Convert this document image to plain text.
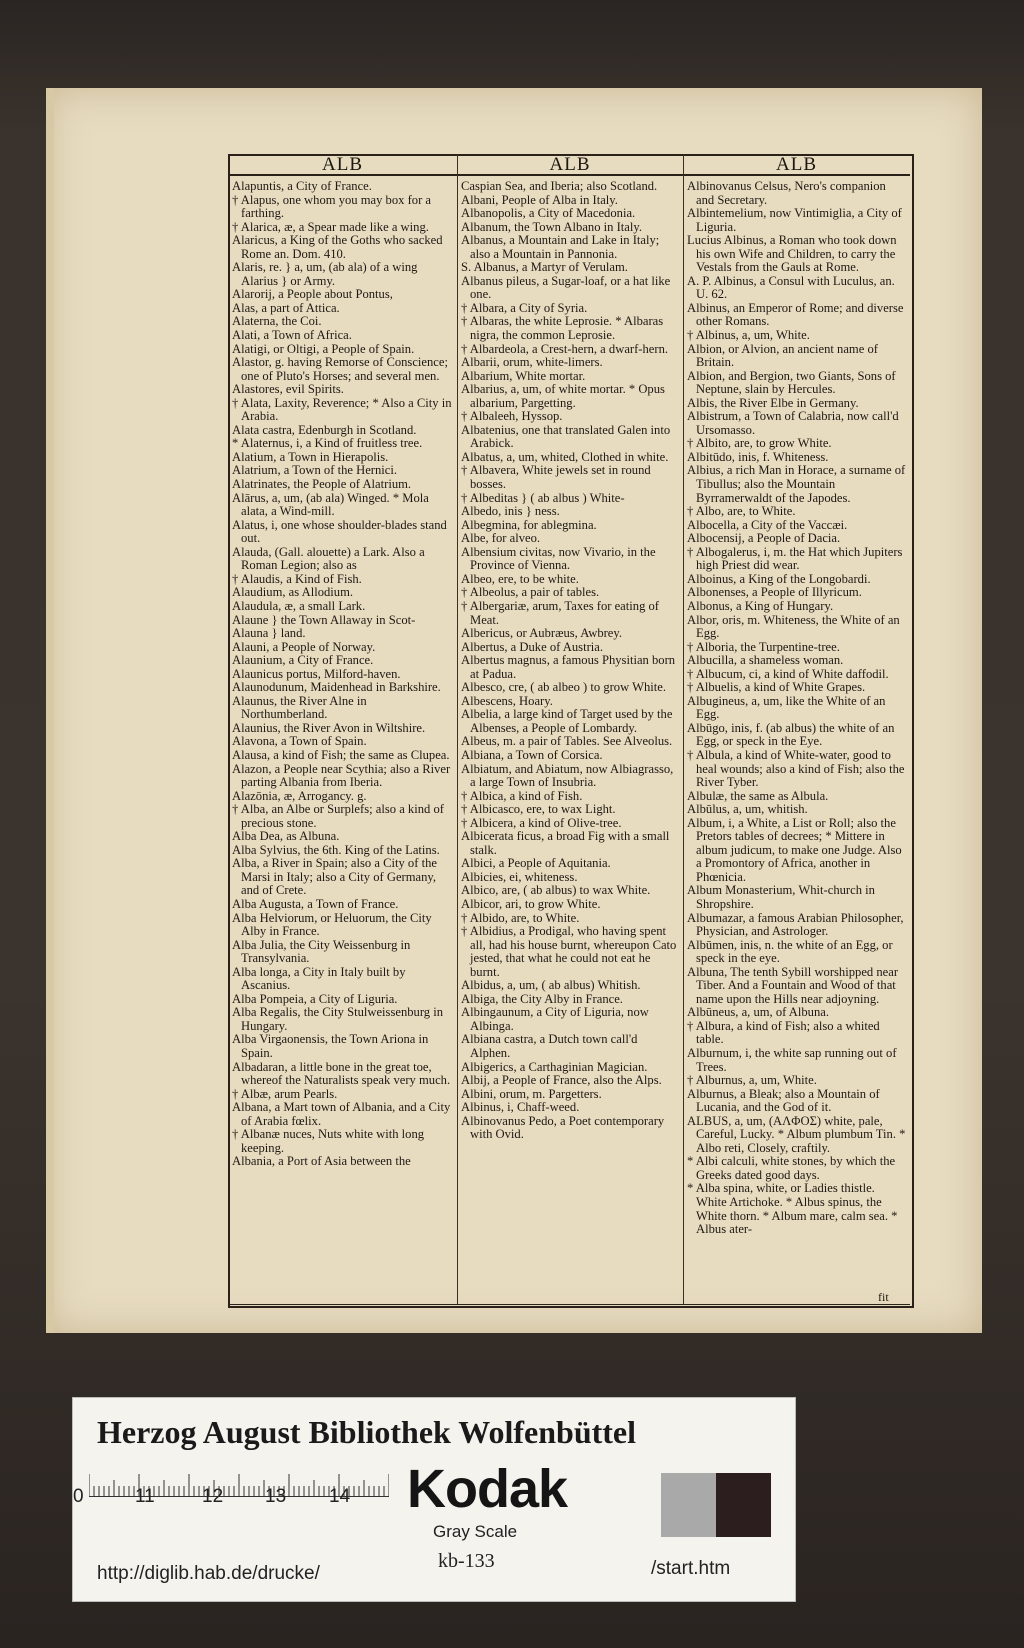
ALB	ALB	ALB

Alapuntis, a City of France.

† Alapus, one whom you may box for a farthing.

† Alarica, æ, a Spear made like a wing.

Alaricus, a King of the Goths who sacked Rome an. Dom. 410.

Alaris, re. } a, um, (ab ala) of a wing Alarius } or Army.

Alarorij, a People about Pontus,

Alas, a part of Attica.

Alaterna, the Coi.

Alati, a Town of Africa.

Alatigi, or Oltigi, a People of Spain.

Alastor, g. having Remorse of Conscience; one of Pluto's Horses; and several men.

Alastores, evil Spirits.

† Alata, Laxity, Reverence; * Also a City in Arabia.

Alata castra, Edenburgh in Scotland.

* Alaternus, i, a Kind of fruitless tree.

Alatium, a Town in Hierapolis.

Alatrium, a Town of the Hernici.

Alatrinates, the People of Alatrium.

Alārus, a, um, (ab ala) Winged. * Mola alata, a Wind-mill.

Alatus, i, one whose shoulder-blades stand out.

Alauda, (Gall. alouette) a Lark. Also a Roman Legion; also as

† Alaudis, a Kind of Fish.

Alaudium, as Allodium.

Alaudula, æ, a small Lark.

Alaune } the Town Allaway in Scot-

Alauna } land.

Alauni, a People of Norway.

Alaunium, a City of France.

Alaunicus portus, Milford-haven.

Alaunodunum, Maidenhead in Barkshire.

Alaunus, the River Alne in Northumberland.

Alaunius, the River Avon in Wiltshire.

Alavona, a Town of Spain.

Alausa, a kind of Fish; the same as Clupea.

Alazon, a People near Scythia; also a River parting Albania from Iberia.

Alazōnia, æ, Arrogancy. g.

† Alba, an Albe or Surplefs; also a kind of precious stone.

Alba Dea, as Albuna.

Alba Sylvius, the 6th. King of the Latins.

Alba, a River in Spain; also a City of the Marsi in Italy; also a City of Germany, and of Crete.

Alba Augusta, a Town of France.

Alba Helviorum, or Heluorum, the City Alby in France.

Alba Julia, the City Weissenburg in Transylvania.

Alba longa, a City in Italy built by Ascanius.

Alba Pompeia, a City of Liguria.

Alba Regalis, the City Stulweissenburg in Hungary.

Alba Virgaonensis, the Town Ariona in Spain.

Albadaran, a little bone in the great toe, whereof the Naturalists speak very much.

† Albæ, arum Pearls.

Albana, a Mart town of Albania, and a City of Arabia fœlix.

† Albanæ nuces, Nuts white with long keeping.

Albania, a Port of Asia between the

Caspian Sea, and Iberia; also Scotland.

Albani, People of Alba in Italy.

Albanopolis, a City of Macedonia.

Albanum, the Town Albano in Italy.

Albanus, a Mountain and Lake in Italy; also a Mountain in Pannonia.

S. Albanus, a Martyr of Verulam.

Albanus pileus, a Sugar-loaf, or a hat like one.

† Albara, a City of Syria.

† Albaras, the white Leprosie. * Albaras nigra, the common Leprosie.

† Albardeola, a Crest-hern, a dwarf-hern.

Albarii, orum, white-limers.

Albarium, White mortar.

Albarius, a, um, of white mortar. * Opus albarium, Pargetting.

† Albaleeh, Hyssop.

Albatenius, one that translated Galen into Arabick.

Albatus, a, um, whited, Clothed in white.

† Albavera, White jewels set in round bosses.

† Albeditas } ( ab albus ) White-

Albedo, inis } ness.

Albegmina, for ablegmina.

Albe, for alveo.

Albensium civitas, now Vivario, in the Province of Vienna.

Albeo, ere, to be white.

† Albeolus, a pair of tables.

† Albergariæ, arum, Taxes for eating of Meat.

Albericus, or Aubræus, Awbrey.

Albertus, a Duke of Austria.

Albertus magnus, a famous Physitian born at Padua.

Albesco, cre, ( ab albeo ) to grow White.

Albescens, Hoary.

Albelia, a large kind of Target used by the Albenses, a People of Lombardy.

Albeus, m. a pair of Tables. See Alveolus.

Albiana, a Town of Corsica.

Albiatum, and Abiatum, now Albiagrasso, a large Town of Insubria.

† Albica, a kind of Fish.

† Albicasco, ere, to wax Light.

† Albicera, a kind of Olive-tree.

Albicerata ficus, a broad Fig with a small stalk.

Albici, a People of Aquitania.

Albicies, ei, whiteness.

Albico, are, ( ab albus) to wax White.

Albicor, ari, to grow White.

† Albido, are, to White.

† Albidius, a Prodigal, who having spent all, had his house burnt, whereupon Cato jested, that what he could not eat he burnt.

Albidus, a, um, ( ab albus) Whitish.

Albiga, the City Alby in France.

Albingaunum, a City of Liguria, now Albinga.

Albiana castra, a Dutch town call'd Alphen.

Albigerics, a Carthaginian Magician.

Albij, a People of France, also the Alps.

Albini, orum, m. Pargetters.

Albinus, i, Chaff-weed.

Albinovanus Pedo, a Poet contemporary with Ovid.

Albinovanus Celsus, Nero's companion and Secretary.

Albintemelium, now Vintimiglia, a City of Liguria.

Lucius Albinus, a Roman who took down his own Wife and Children, to carry the Vestals from the Gauls at Rome.

A. P. Albinus, a Consul with Luculus, an. U. 62.

Albinus, an Emperor of Rome; and diverse other Romans.

† Albinus, a, um, White.

Albion, or Alvion, an ancient name of Britain.

Albion, and Bergion, two Giants, Sons of Neptune, slain by Hercules.

Albis, the River Elbe in Germany.

Albistrum, a Town of Calabria, now call'd Ursomasso.

† Albito, are, to grow White.

Albitūdo, inis, f. Whiteness.

Albius, a rich Man in Horace, a surname of Tibullus; also the Mountain Byrramerwaldt of the Japodes.

† Albo, are, to White.

Albocella, a City of the Vaccæi.

Albocensij, a People of Dacia.

† Albogalerus, i, m. the Hat which Jupiters high Priest did wear.

Alboinus, a King of the Longobardi.

Albonenses, a People of Illyricum.

Albonus, a King of Hungary.

Albor, oris, m. Whiteness, the White of an Egg.

† Alboria, the Turpentine-tree.

Albucilla, a shameless woman.

† Albucum, ci, a kind of White daffodil.

† Albuelis, a kind of White Grapes.

Albugineus, a, um, like the White of an Egg.

Albūgo, inis, f. (ab albus) the white of an Egg, or speck in the Eye.

† Albula, a kind of White-water, good to heal wounds; also a kind of Fish; also the River Tyber.

Albulæ, the same as Albula.

Albūlus, a, um, whitish.

Album, i, a White, a List or Roll; also the Pretors tables of decrees; * Mittere in album judicum, to make one Judge. Also a Promontory of Africa, another in Phœnicia.

Album Monasterium, Whit-church in Shropshire.

Albumazar, a famous Arabian Philosopher, Physician, and Astrologer.

Albūmen, inis, n. the white of an Egg, or speck in the eye.

Albuna, The tenth Sybill worshipped near Tiber. And a Fountain and Wood of that name upon the Hills near adjoyning.

Albūneus, a, um, of Albuna.

† Albura, a kind of Fish; also a whited table.

Alburnum, i, the white sap running out of Trees.

† Alburnus, a, um, White.

Alburnus, a Bleak; also a Mountain of Lucania, and the God of it.

ALBUS, a, um, (ΑΛΦΟΣ) white, pale, Careful, Lucky. * Album plumbum Tin. * Albo reti, Closely, craftily.

* Albi calculi, white stones, by which the Greeks dated good days.

* Alba spina, white, or Ladies thistle. White Artichoke. * Albus spinus, the White thorn. * Album mare, calm sea. * Albus ater-

fit
Herzog August Bibliothek Wolfenbüttel
0	11 12 13 14 Kodak
Gray Scale
http://diglib.hab.de/drucke/
kb-133	/start.htm
